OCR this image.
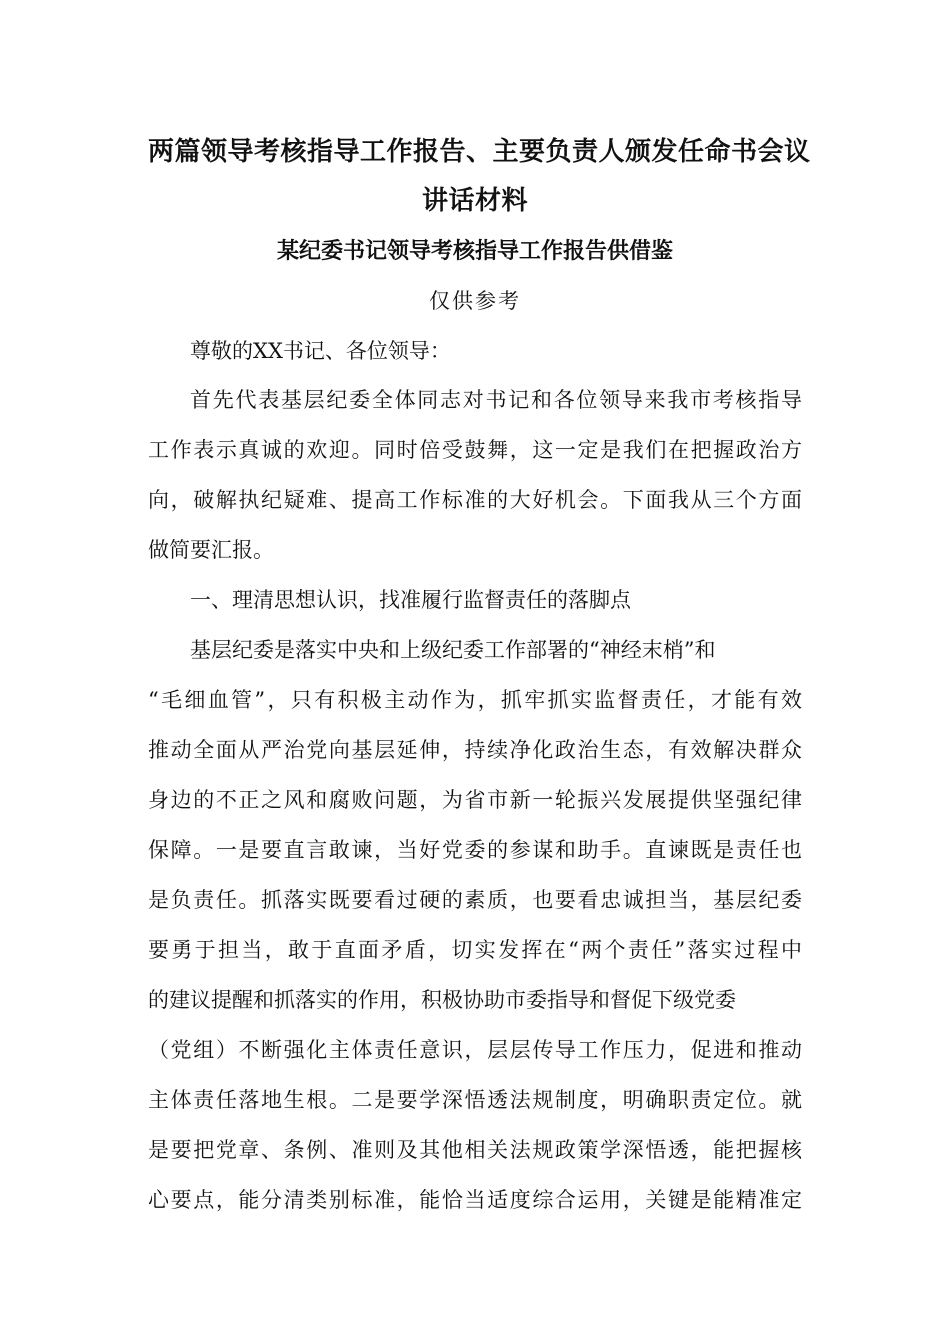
两篇领导考核指导工作报告、主要负责人颁发任命书会议
讲话材料
某纪委书记领导考核指导工作报告供借鉴
仅供参考
尊敬的XX书记、各位领导：
首先代表基层纪委全体同志对书记和各位领导来我市考核指导
工作表示真诚的欢迎。同时倍受鼓舞，这一定是我们在把握政治方
向，破解执纪疑难、提高工作标准的大好机会。下面我从三个方面
做简要汇报。
一、理清思想认识，找准履行监督责任的落脚点
基层纪委是落实中央和上级纪委工作部署的“神经末梢”和
“毛细血管”，只有积极主动作为，抓牢抓实监督责任，才能有效
推动全面从严治党向基层延伸，持续净化政治生态，有效解决群众
身边的不正之风和腐败问题，为省市新一轮振兴发展提供坚强纪律
保障。一是要直言敢谏，当好党委的参谋和助手。直谏既是责任也
是负责任。抓落实既要看过硬的素质，也要看忠诚担当，基层纪委
要勇于担当，敢于直面矛盾，切实发挥在“两个责任”落实过程中
的建议提醒和抓落实的作用，积极协助市委指导和督促下级党委
（党组）不断强化主体责任意识，层层传导工作压力，促进和推动
主体责任落地生根。二是要学深悟透法规制度，明确职责定位。就
是要把党章、条例、准则及其他相关法规政策学深悟透，能把握核
心要点，能分清类别标准，能恰当适度综合运用，关键是能精准定
